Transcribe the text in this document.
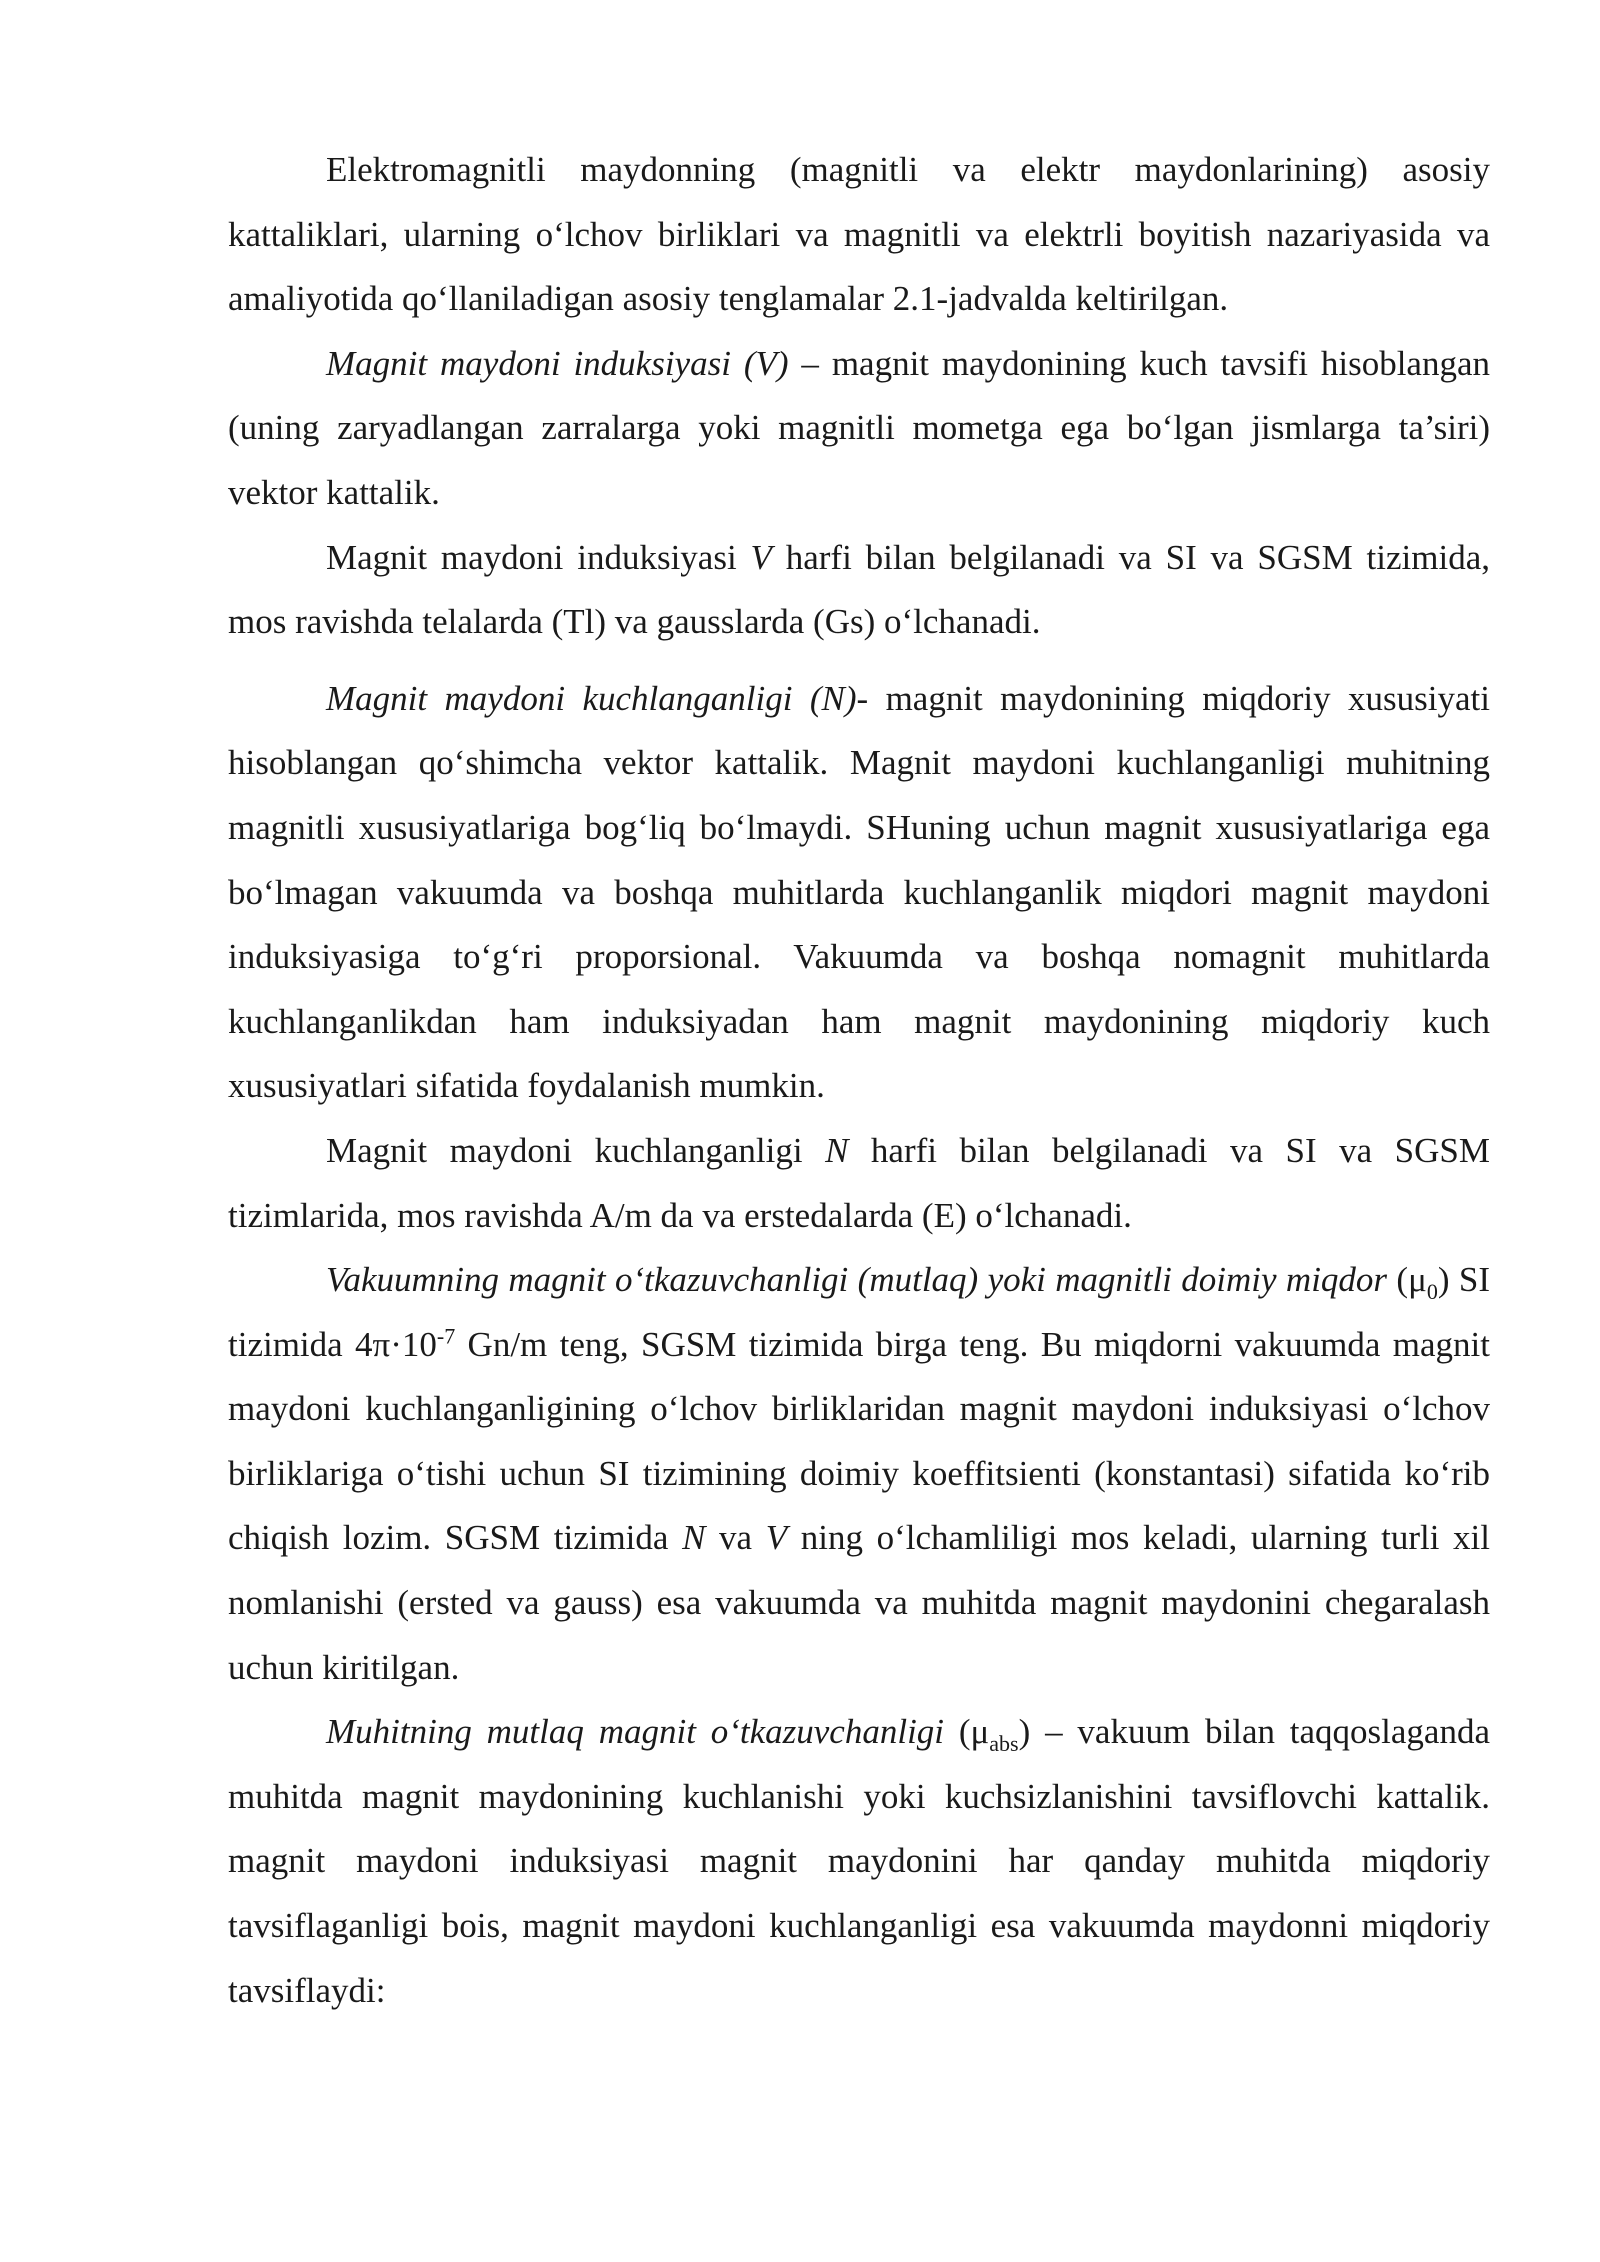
Elektromagnitli maydonning (magnitli va elektr maydonlarining) asosiy kattaliklari, ularning o‘lchov birliklari va magnitli va elektrli boyitish nazariyasida va amaliyotida qo‘llaniladigan asosiy tenglamalar 2.1-jadvalda keltirilgan.

Magnit maydoni induksiyasi (V) – magnit maydonining kuch tavsifi hisoblangan (uning zaryadlangan zarralarga yoki magnitli mometga ega bo‘lgan jismlarga ta’siri) vektor kattalik.

Magnit maydoni induksiyasi V harfi bilan belgilanadi va SI va SGSM tizimida, mos ravishda telalarda (Tl) va gausslarda (Gs) o‘lchanadi.

Magnit maydoni kuchlanganligi (N)- magnit maydonining miqdoriy xususiyati hisoblangan qo‘shimcha vektor kattalik. Magnit maydoni kuchlanganligi muhitning magnitli xususiyatlariga bog‘liq bo‘lmaydi. SHuning uchun magnit xususiyatlariga ega bo‘lmagan vakuumda va boshqa muhitlarda kuchlanganlik miqdori magnit maydoni induksiyasiga to‘g‘ri proporsional. Vakuumda va boshqa nomagnit muhitlarda kuchlanganlikdan ham induksiyadan ham magnit maydonining miqdoriy kuch xususiyatlari sifatida foydalanish mumkin.

Magnit maydoni kuchlanganligi N harfi bilan belgilanadi va SI va SGSM tizimlarida, mos ravishda A/m da va erstedalarda (E) o‘lchanadi.

Vakuumning magnit o‘tkazuvchanligi (mutlaq) yoki magnitli doimiy miqdor $(\mu_0)$ SI tizimida $4\pi\cdot 10^{-7}$ Gn/m teng, SGSM tizimida birga teng. Bu miqdorni vakuumda magnit maydoni kuchlanganligining o‘lchov birliklaridan magnit maydoni induksiyasi o‘lchov birliklariga o‘tishi uchun SI tizimining doimiy koeffitsienti (konstantasi) sifatida ko‘rib chiqish lozim. SGSM tizimida N va V ning o‘lchamliligi mos keladi, ularning turli xil nomlanishi (ersted va gauss) esa vakuumda va muhitda magnit maydonini chegaralash uchun kiritilgan.

Muhitning mutlaq magnit o‘tkazuvchanligi $(\mu_{abs})$ – vakuum bilan taqqoslaganda muhitda magnit maydonining kuchlanishi yoki kuchsizlanishini tavsiflovchi kattalik. magnit maydoni induksiyasi magnit maydonini har qanday muhitda miqdoriy tavsiflaganligi bois, magnit maydoni kuchlanganligi esa vakuumda maydonni miqdoriy tavsiflaydi:
